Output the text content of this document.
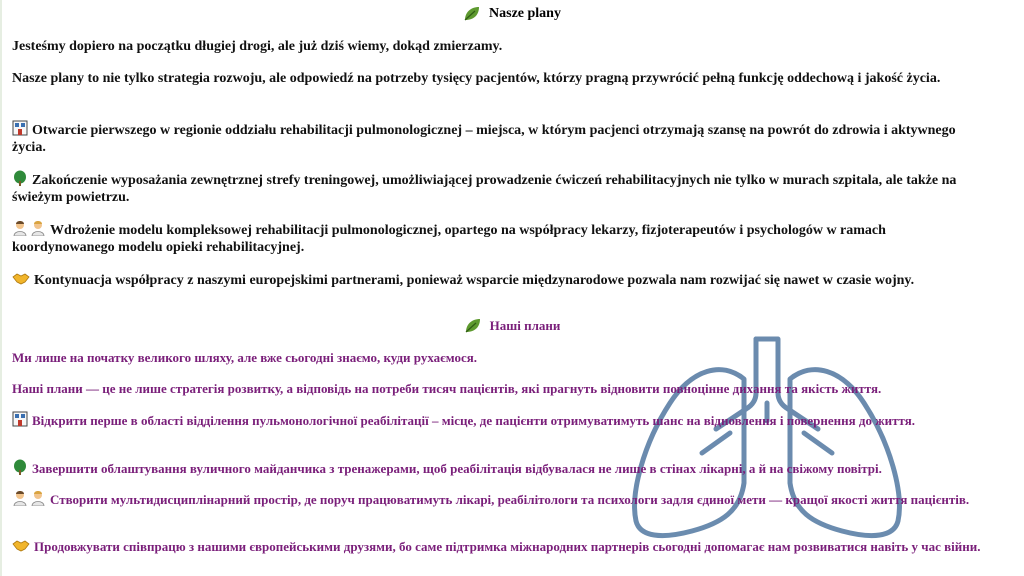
Nasze plany
Jesteśmy dopiero na początku długiej drogi, ale już dziś wiemy, dokąd zmierzamy.
Nasze plany to nie tylko strategia rozwoju, ale odpowiedź na potrzeby tysięcy pacjentów, którzy pragną przywrócić pełną funkcję oddechową i jakość życia.
Otwarcie pierwszego w regionie oddziału rehabilitacji pulmonologicznej – miejsca, w którym pacjenci otrzymają szansę na powrót do zdrowia i aktywnego życia.
Zakończenie wyposażania zewnętrznej strefy treningowej, umożliwiającej prowadzenie ćwiczeń rehabilitacyjnych nie tylko w murach szpitala, ale także na świeżym powietrzu.
Wdrożenie modelu kompleksowej rehabilitacji pulmonologicznej, opartego na współpracy lekarzy, fizjoterapeutów i psychologów w ramach koordynowanego modelu opieki rehabilitacyjnej.
Kontynuacja współpracy z naszymi europejskimi partnerami, ponieważ wsparcie międzynarodowe pozwala nam rozwijać się nawet w czasie wojny.
Наші плани
Ми лише на початку великого шляху, але вже сьогодні знаємо, куди рухаємося.
Наші плани — це не лише стратегія розвитку, а відповідь на потреби тисяч пацієнтів, які прагнуть відновити повноцінне дихання та якість життя.
Відкрити перше в області відділення пульмонологічної реабілітації – місце, де пацієнти отримуватимуть шанс на відновлення і повернення до життя.
Завершити облаштування вуличного майданчика з тренажерами, щоб реабілітація відбувалася не лише в стінах лікарні, а й на свіжому повітрі.
Створити мультидисциплінарний простір, де поруч працюватимуть лікарі, реабілітологи та психологи задля єдиної мети — кращої якості життя пацієнтів.
Продовжувати співпрацю з нашими європейськими друзями, бо саме підтримка міжнародних партнерів сьогодні допомагає нам розвиватися навіть у час війни.
